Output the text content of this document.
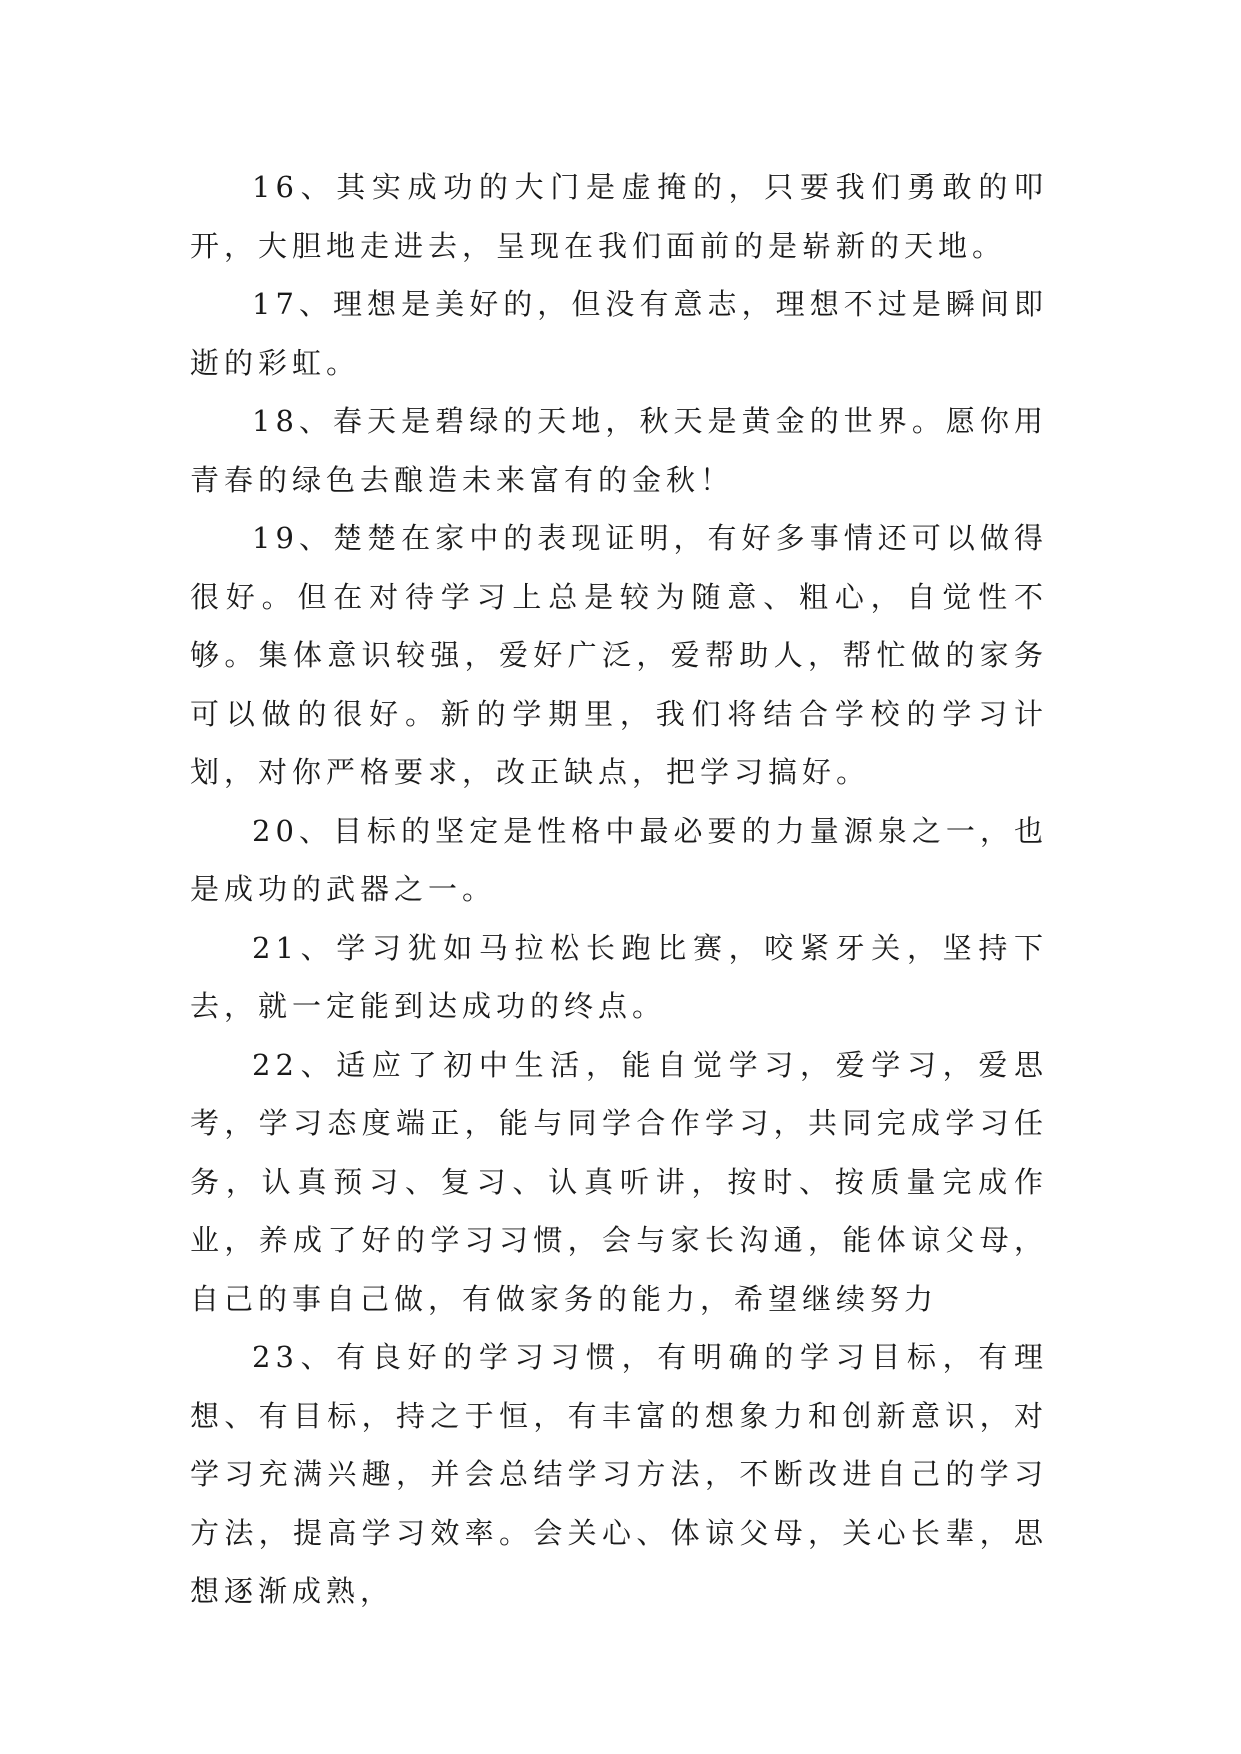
16、其实成功的大门是虚掩的，只要我们勇敢的叩开，大胆地走进去，呈现在我们面前的是崭新的天地。

17、理想是美好的，但没有意志，理想不过是瞬间即逝的彩虹。

18、春天是碧绿的天地，秋天是黄金的世界。愿你用青春的绿色去酿造未来富有的金秋！

19、楚楚在家中的表现证明，有好多事情还可以做得很好。但在对待学习上总是较为随意、粗心，自觉性不够。集体意识较强，爱好广泛，爱帮助人，帮忙做的家务可以做的很好。新的学期里，我们将结合学校的学习计划，对你严格要求，改正缺点，把学习搞好。

20、目标的坚定是性格中最必要的力量源泉之一，也是成功的武器之一。

21、学习犹如马拉松长跑比赛，咬紧牙关，坚持下去，就一定能到达成功的终点。

22、适应了初中生活，能自觉学习，爱学习，爱思考，学习态度端正，能与同学合作学习，共同完成学习任务，认真预习、复习、认真听讲，按时、按质量完成作业，养成了好的学习习惯，会与家长沟通，能体谅父母，自己的事自己做，有做家务的能力，希望继续努力

23、有良好的学习习惯，有明确的学习目标，有理想、有目标，持之于恒，有丰富的想象力和创新意识，对学习充满兴趣，并会总结学习方法，不断改进自己的学习方法，提高学习效率。会关心、体谅父母，关心长辈，思想逐渐成熟，
